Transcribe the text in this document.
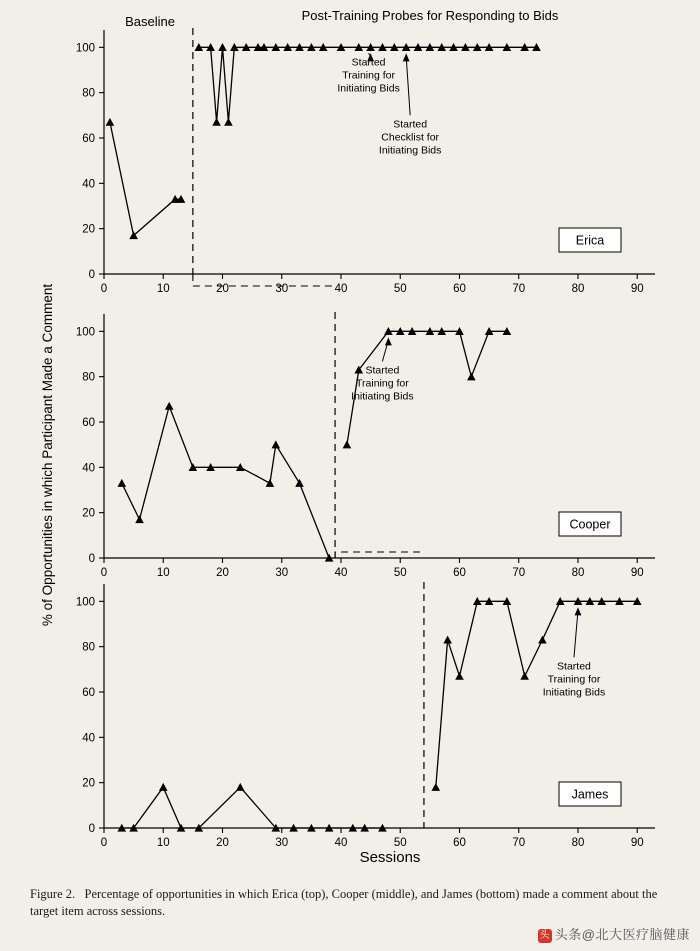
0
20
40
60
80
100
0	10	20	30	40	50	60	70	80	90
Erica
Started
Training for
Initiating Bids
Started
Checklist for
Initiating Bids
0
20
40
60
80
100
0	10	20	30	40	50	60	70	80	90
Cooper
Started
Training for
Initiating Bids
0
20
40
60
80
100
0	10	20	30	40	50	60	70	80	90
James
Started
Training for
Initiating Bids
Baseline	Post-Training Probes for Responding to Bids
% of Opportunities in which Participant Made a Comment
Sessions
Figure 2. Percentage of opportunities in which Erica (top), Cooper (middle), and James (bottom) made a comment about the target item across sessions.
头 头条@北大医疗脑健康
